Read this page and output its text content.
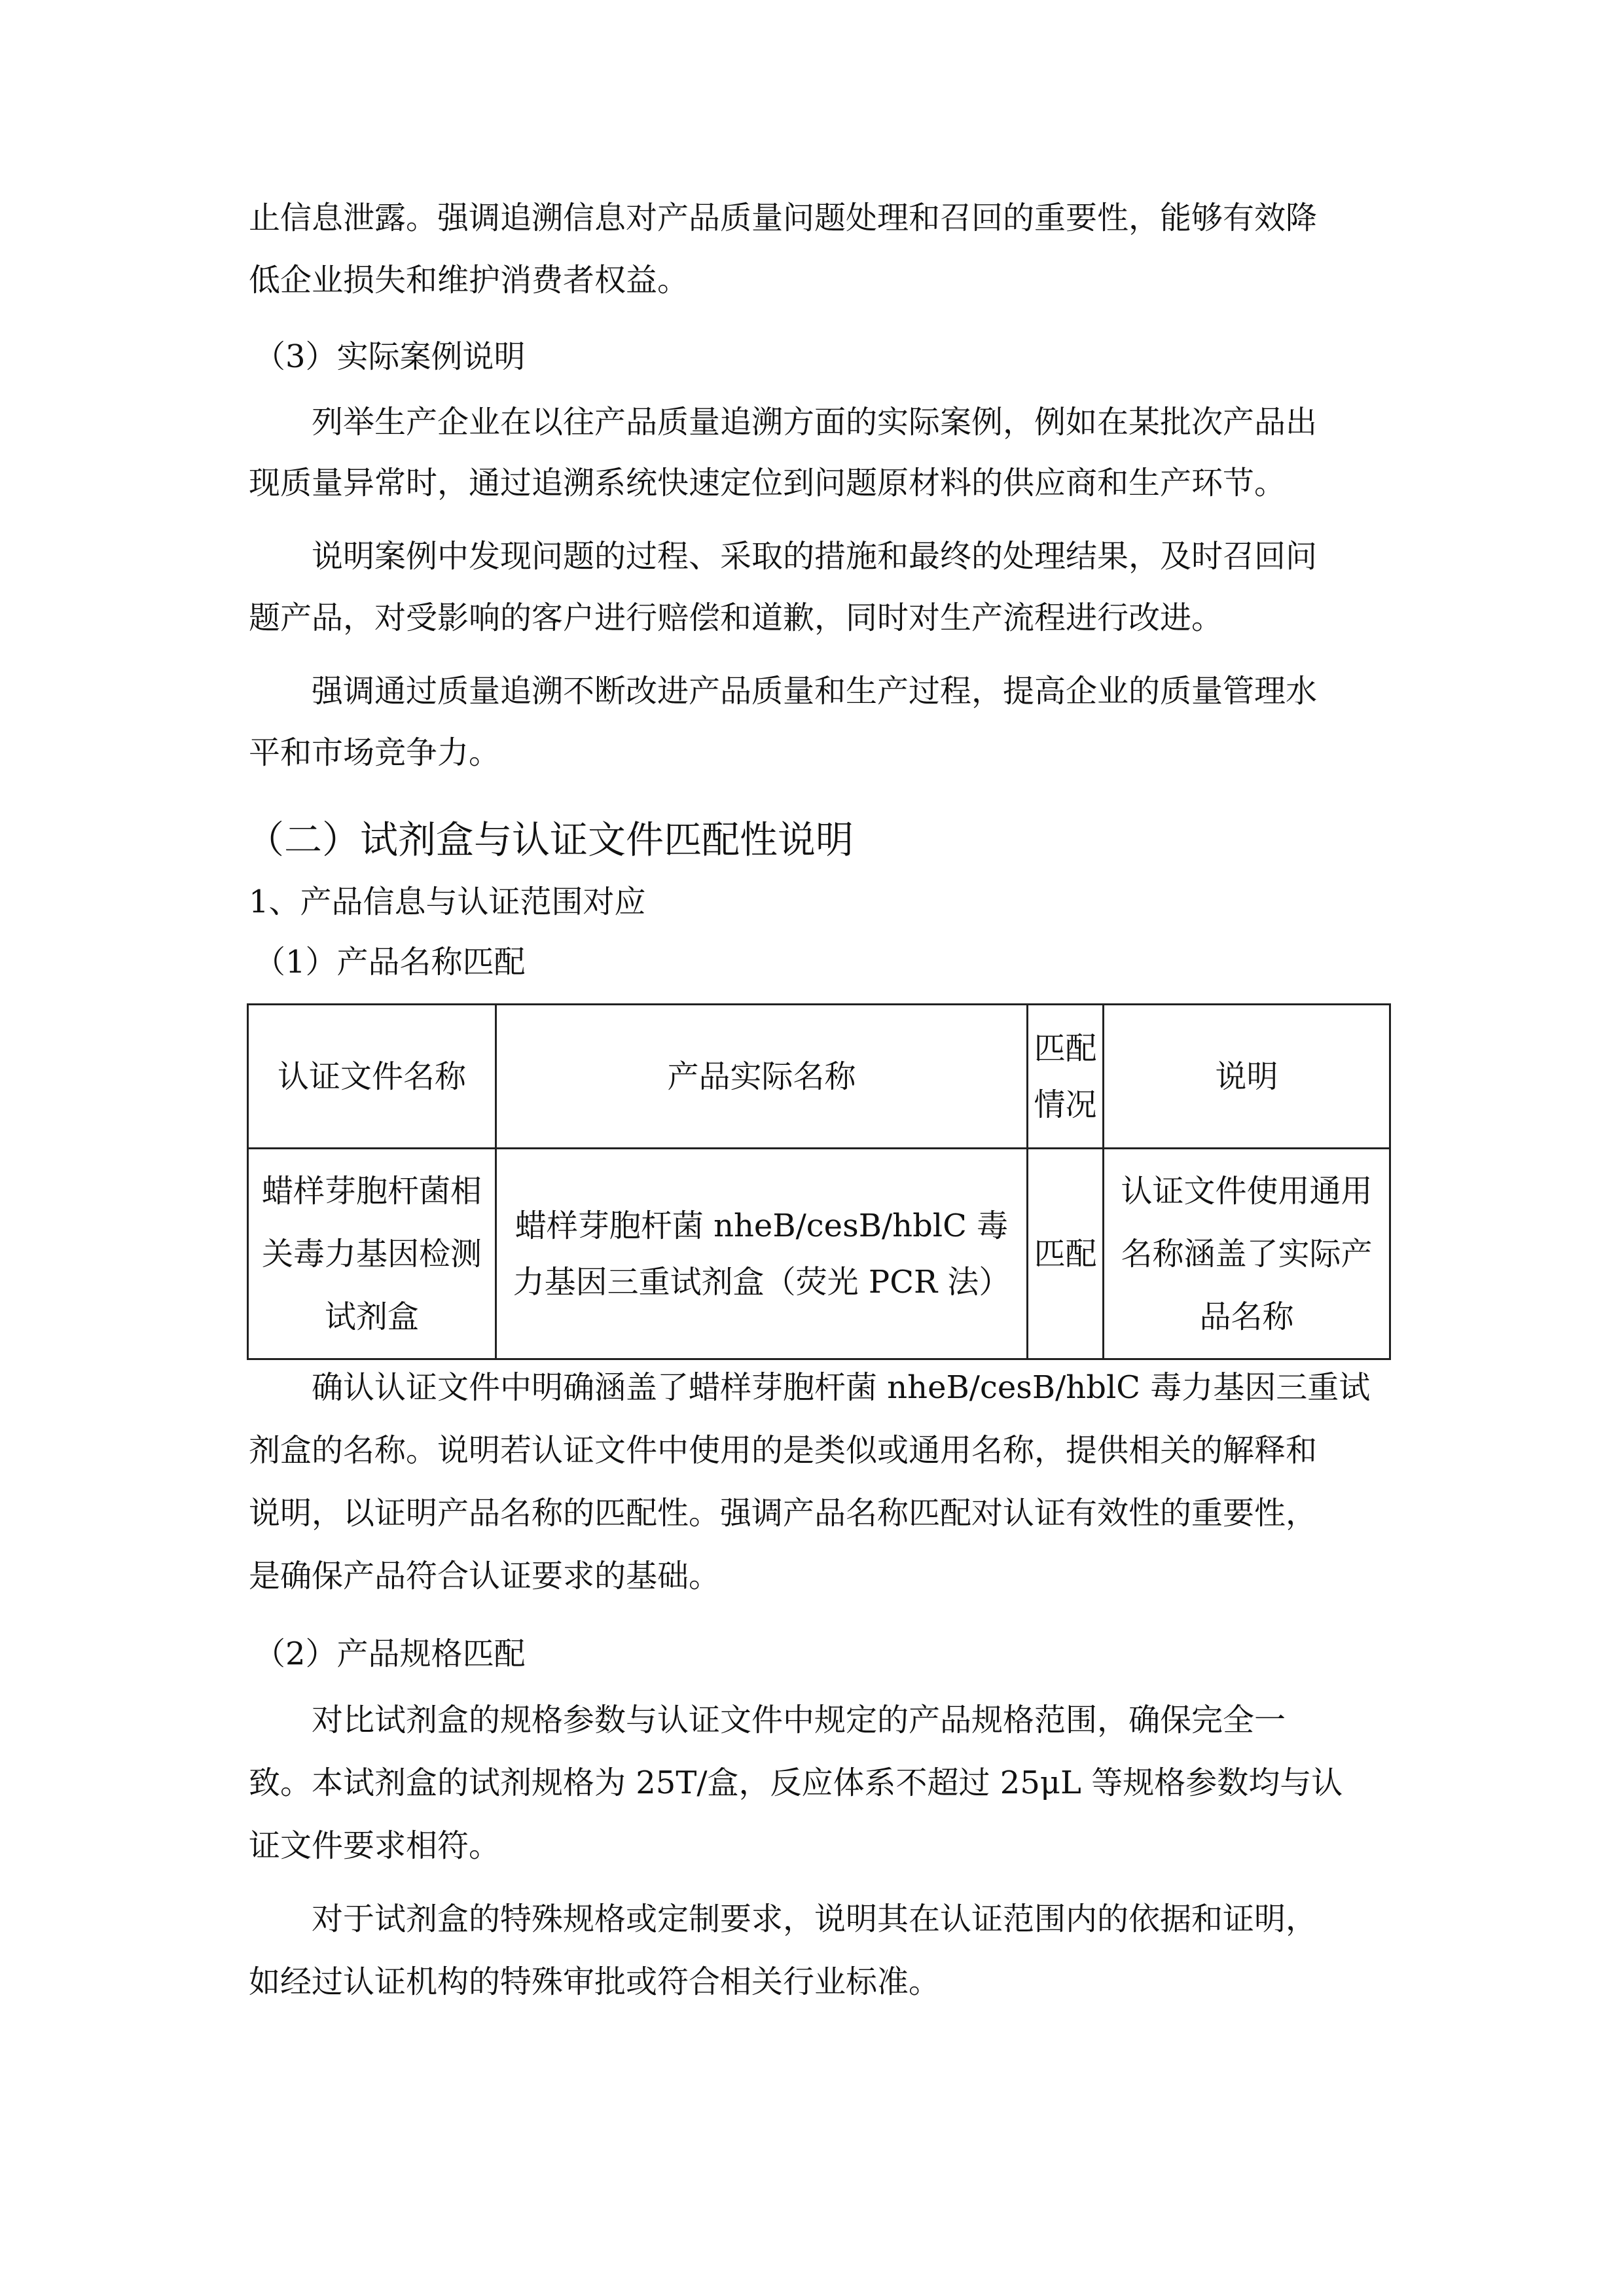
止信息泄露。强调追溯信息对产品质量问题处理和召回的重要性，能够有效降
低企业损失和维护消费者权益。
（3）实际案例说明
列举生产企业在以往产品质量追溯方面的实际案例，例如在某批次产品出
现质量异常时，通过追溯系统快速定位到问题原材料的供应商和生产环节。
说明案例中发现问题的过程、采取的措施和最终的处理结果，及时召回问
题产品，对受影响的客户进行赔偿和道歉，同时对生产流程进行改进。
强调通过质量追溯不断改进产品质量和生产过程，提高企业的质量管理水
平和市场竞争力。
（二）试剂盒与认证文件匹配性说明
1、产品信息与认证范围对应
（1）产品名称匹配
认证文件名称	产品实际名称	匹配情况	说明
蜡样芽胞杆菌相关毒力基因检测试剂盒	蜡样芽胞杆菌 nheB/cesB/hblC 毒力基因三重试剂盒（荧光 PCR 法）	匹配	认证文件使用通用名称涵盖了实际产品名称
确认认证文件中明确涵盖了蜡样芽胞杆菌 nheB/cesB/hblC 毒力基因三重试
剂盒的名称。说明若认证文件中使用的是类似或通用名称，提供相关的解释和
说明，以证明产品名称的匹配性。强调产品名称匹配对认证有效性的重要性，
是确保产品符合认证要求的基础。
（2）产品规格匹配
对比试剂盒的规格参数与认证文件中规定的产品规格范围，确保完全一
致。本试剂盒的试剂规格为 25T/盒，反应体系不超过 25μL 等规格参数均与认
证文件要求相符。
对于试剂盒的特殊规格或定制要求，说明其在认证范围内的依据和证明，
如经过认证机构的特殊审批或符合相关行业标准。
